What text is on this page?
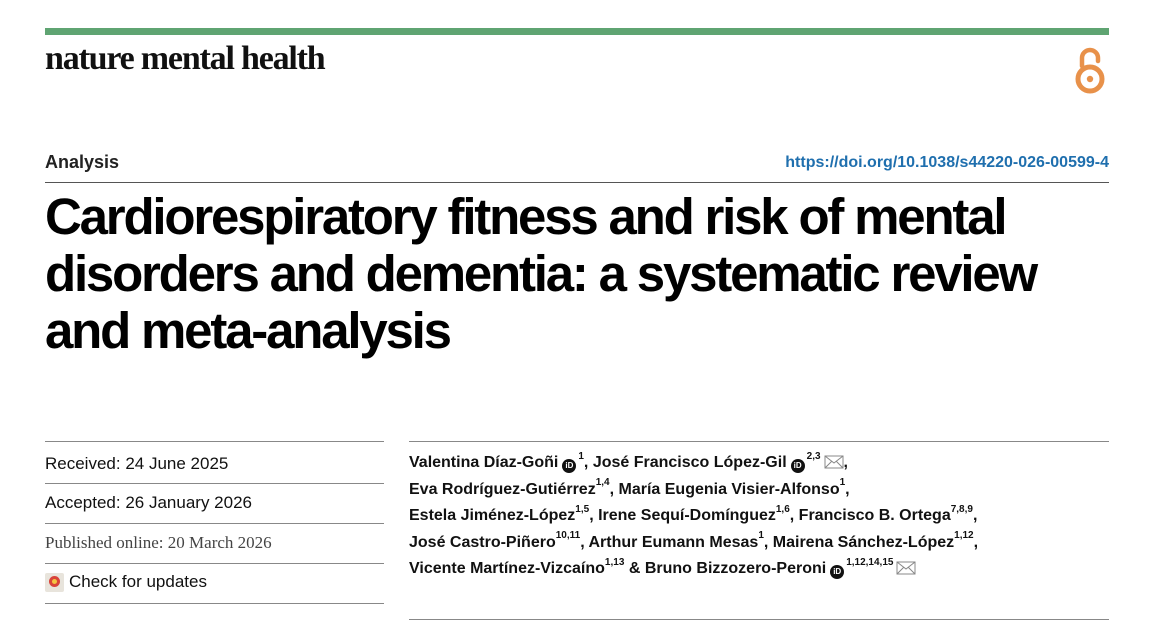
nature mental health
Analysis	https://doi.org/10.1038/s44220-026-00599-4
Cardiorespiratory fitness and risk of mental disorders and dementia: a systematic review and meta-analysis
Received: 24 June 2025
Accepted: 26 January 2026
Published online: 20 March 2026
Check for updates
Valentina Díaz-Goñi $iD^1$, José Francisco López-Gil iD$^{2,3}$ ,
Eva Rodríguez-Gutiérrez$^{1,4}$, María Eugenia Visier-Alfonso$^1$,
Estela Jiménez-López$^{1,5}$, Irene Sequí-Domínguez$^{1,6}$, Francisco B. Ortega$^{7,8,9}$,
José Castro-Piñero$^{10,11}$, Arthur Eumann Mesas$^1$, Mairena Sánchez-López$^{1,12}$,
Vicente Martínez-Vizcaíno$^{1,13}$ & Bruno Bizzozero-Peroni iD$^{1,12,14,15}$
